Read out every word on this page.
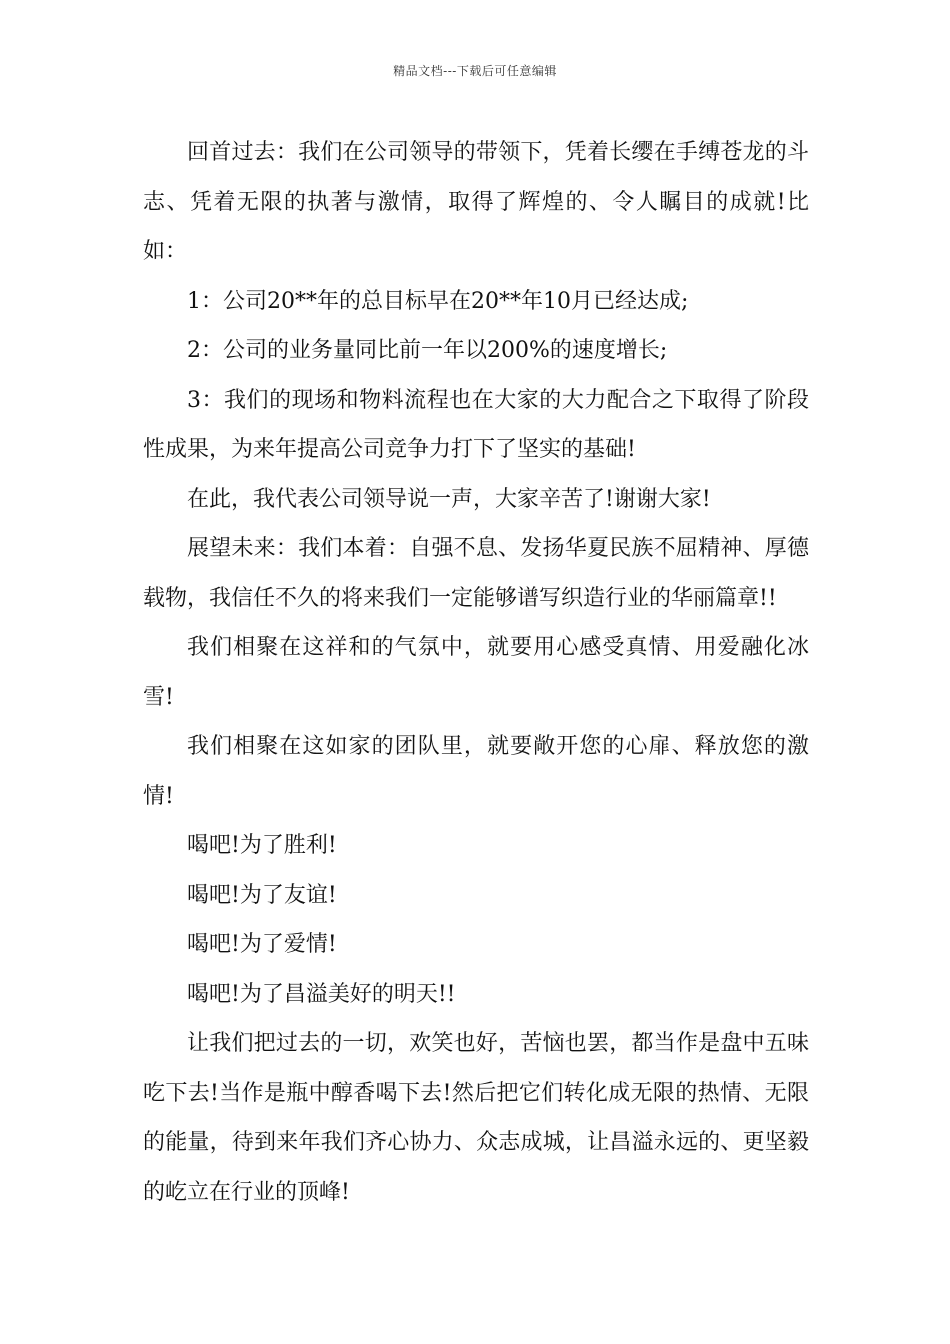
精品文档---下载后可任意编辑

回首过去：我们在公司领导的带领下，凭着长缨在手缚苍龙的斗志、凭着无限的执著与激情，取得了辉煌的、令人瞩目的成就!比如：

1：公司20**年的总目标早在20**年10月已经达成;

2：公司的业务量同比前一年以200%的速度增长;

3：我们的现场和物料流程也在大家的大力配合之下取得了阶段性成果，为来年提高公司竞争力打下了坚实的基础!

在此，我代表公司领导说一声，大家辛苦了!谢谢大家!

展望未来：我们本着：自强不息、发扬华夏民族不屈精神、厚德载物，我信任不久的将来我们一定能够谱写织造行业的华丽篇章!!

我们相聚在这祥和的气氛中，就要用心感受真情、用爱融化冰雪!

我们相聚在这如家的团队里，就要敞开您的心扉、释放您的激情!

喝吧!为了胜利!

喝吧!为了友谊!

喝吧!为了爱情!

喝吧!为了昌溢美好的明天!!

让我们把过去的一切，欢笑也好，苦恼也罢，都当作是盘中五味吃下去!当作是瓶中醇香喝下去!然后把它们转化成无限的热情、无限的能量，待到来年我们齐心协力、众志成城，让昌溢永远的、更坚毅的屹立在行业的顶峰!
